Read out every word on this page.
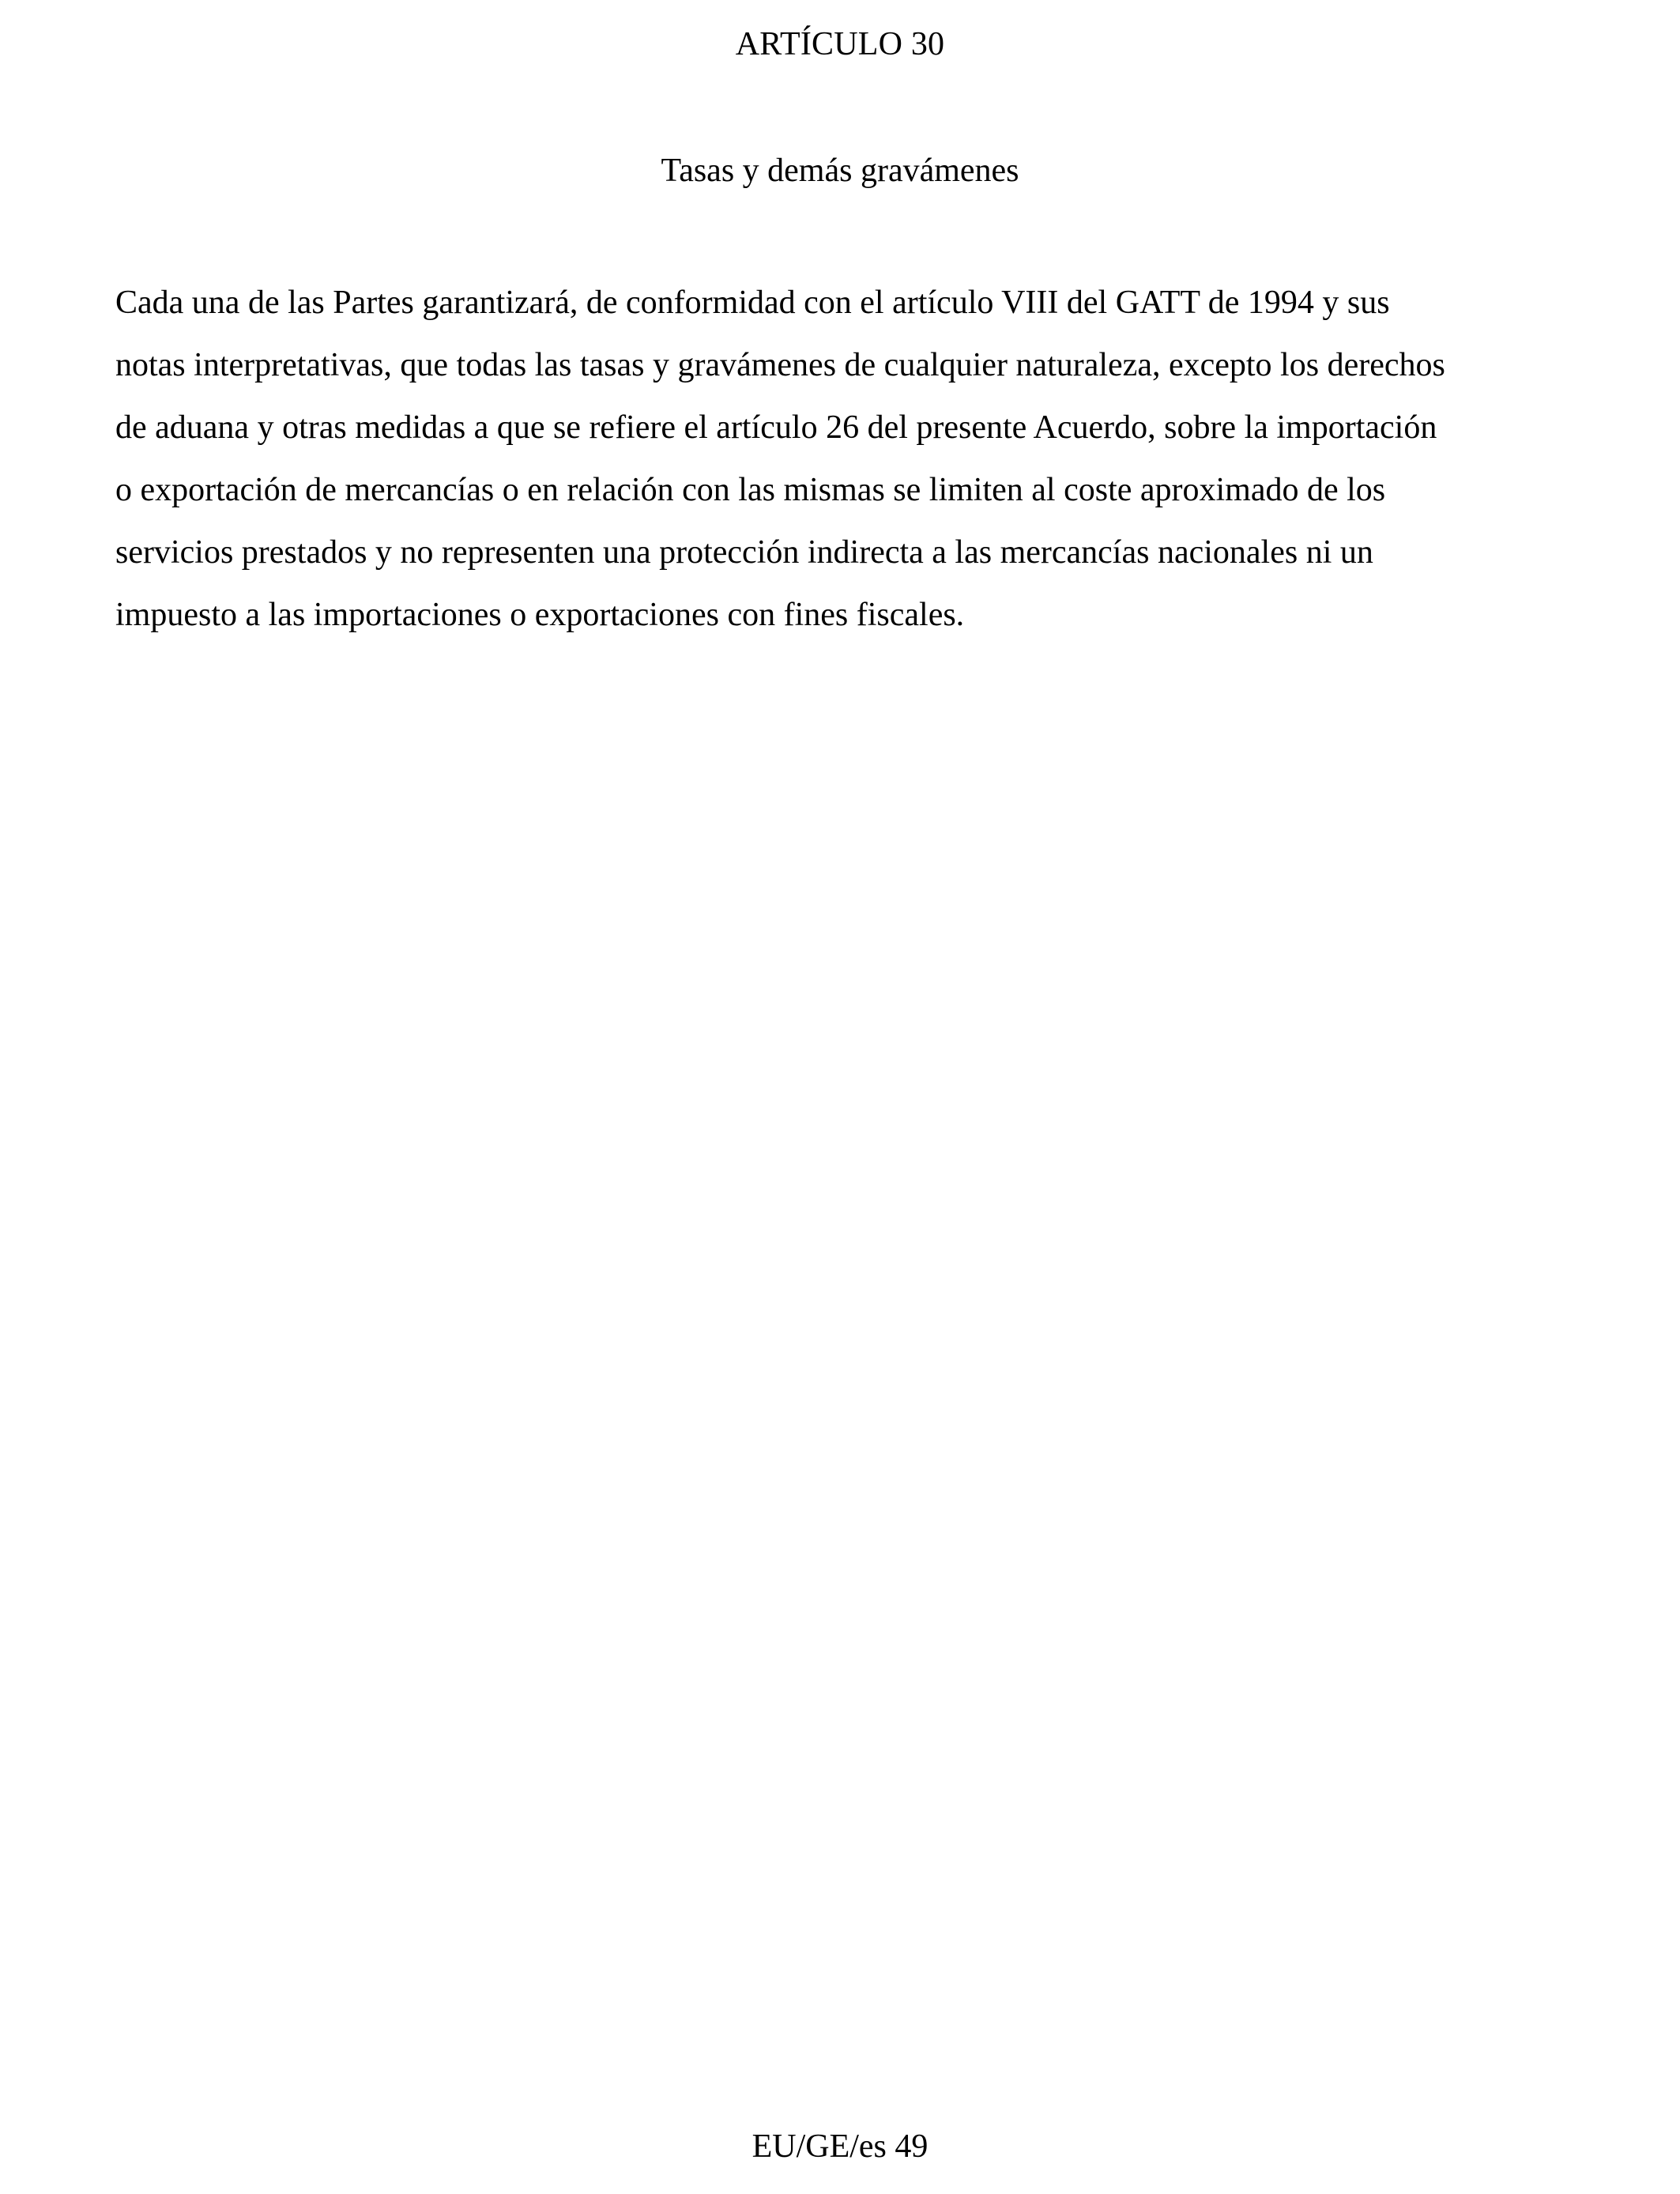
ARTÍCULO 30
Tasas y demás gravámenes
Cada una de las Partes garantizará, de conformidad con el artículo VIII del GATT de 1994 y sus
notas interpretativas, que todas las tasas y gravámenes de cualquier naturaleza, excepto los derechos
de aduana y otras medidas a que se refiere el artículo 26 del presente Acuerdo, sobre la importación
o exportación de mercancías o en relación con las mismas se limiten al coste aproximado de los
servicios prestados y no representen una protección indirecta a las mercancías nacionales ni un
impuesto a las importaciones o exportaciones con fines fiscales.
EU/GE/es 49
